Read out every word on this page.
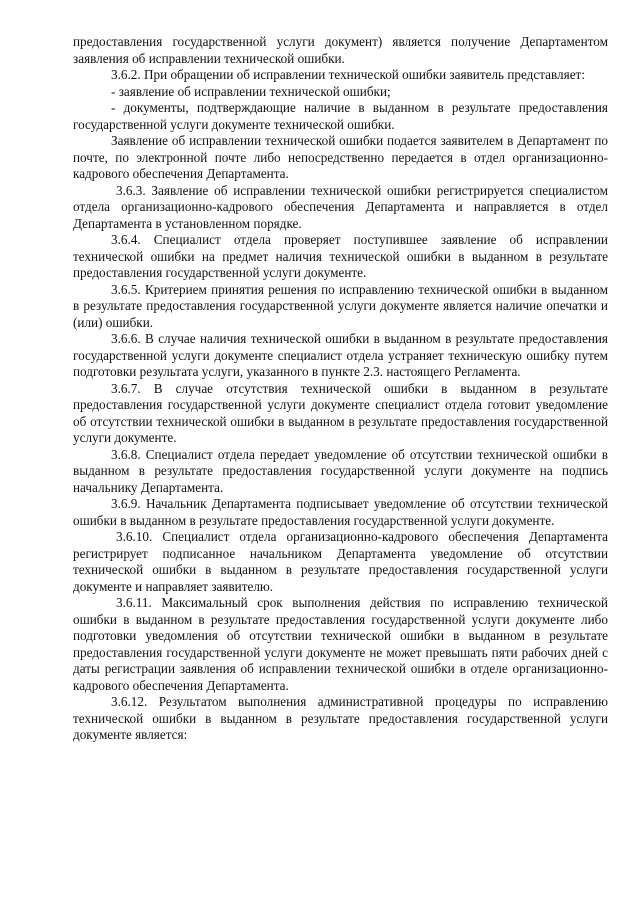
предоставления государственной услуги документ) является получение Департаментом заявления об исправлении технической ошибки.

3.6.2. При обращении об исправлении технической ошибки заявитель представляет:

- заявление об исправлении технической ошибки;

- документы, подтверждающие наличие в выданном в результате предоставления государственной услуги документе технической ошибки.

Заявление об исправлении технической ошибки подается заявителем в Департамент по почте, по электронной почте либо непосредственно передается в отдел организационно-кадрового обеспечения Департамента.

3.6.3. Заявление об исправлении технической ошибки регистрируется специалистом отдела организационно-кадрового обеспечения Департамента и направляется в отдел Департамента в установленном порядке.

3.6.4. Специалист отдела проверяет поступившее заявление об исправлении технической ошибки на предмет наличия технической ошибки в выданном в результате предоставления государственной услуги документе.

3.6.5. Критерием принятия решения по исправлению технической ошибки в выданном в результате предоставления государственной услуги документе является наличие опечатки и (или) ошибки.

3.6.6. В случае наличия технической ошибки в выданном в результате предоставления государственной услуги документе специалист отдела устраняет техническую ошибку путем подготовки результата услуги, указанного в пункте 2.3. настоящего Регламента.

3.6.7. В случае отсутствия технической ошибки в выданном в результате предоставления государственной услуги документе специалист отдела готовит уведомление об отсутствии технической ошибки в выданном в результате предоставления государственной услуги документе.

3.6.8. Специалист отдела передает уведомление об отсутствии технической ошибки в выданном в результате предоставления государственной услуги документе на подпись начальнику Департамента.

3.6.9. Начальник Департамента подписывает уведомление об отсутствии технической ошибки в выданном в результате предоставления государственной услуги документе.

3.6.10. Специалист отдела организационно-кадрового обеспечения Департамента регистрирует подписанное начальником Департамента уведомление об отсутствии технической ошибки в выданном в результате предоставления государственной услуги документе и направляет заявителю.

3.6.11. Максимальный срок выполнения действия по исправлению технической ошибки в выданном в результате предоставления государственной услуги документе либо подготовки уведомления об отсутствии технической ошибки в выданном в результате предоставления государственной услуги документе не может превышать пяти рабочих дней с даты регистрации заявления об исправлении технической ошибки в отделе организационно-кадрового обеспечения Департамента.

3.6.12. Результатом выполнения административной процедуры по исправлению технической ошибки в выданном в результате предоставления государственной услуги документе является:
